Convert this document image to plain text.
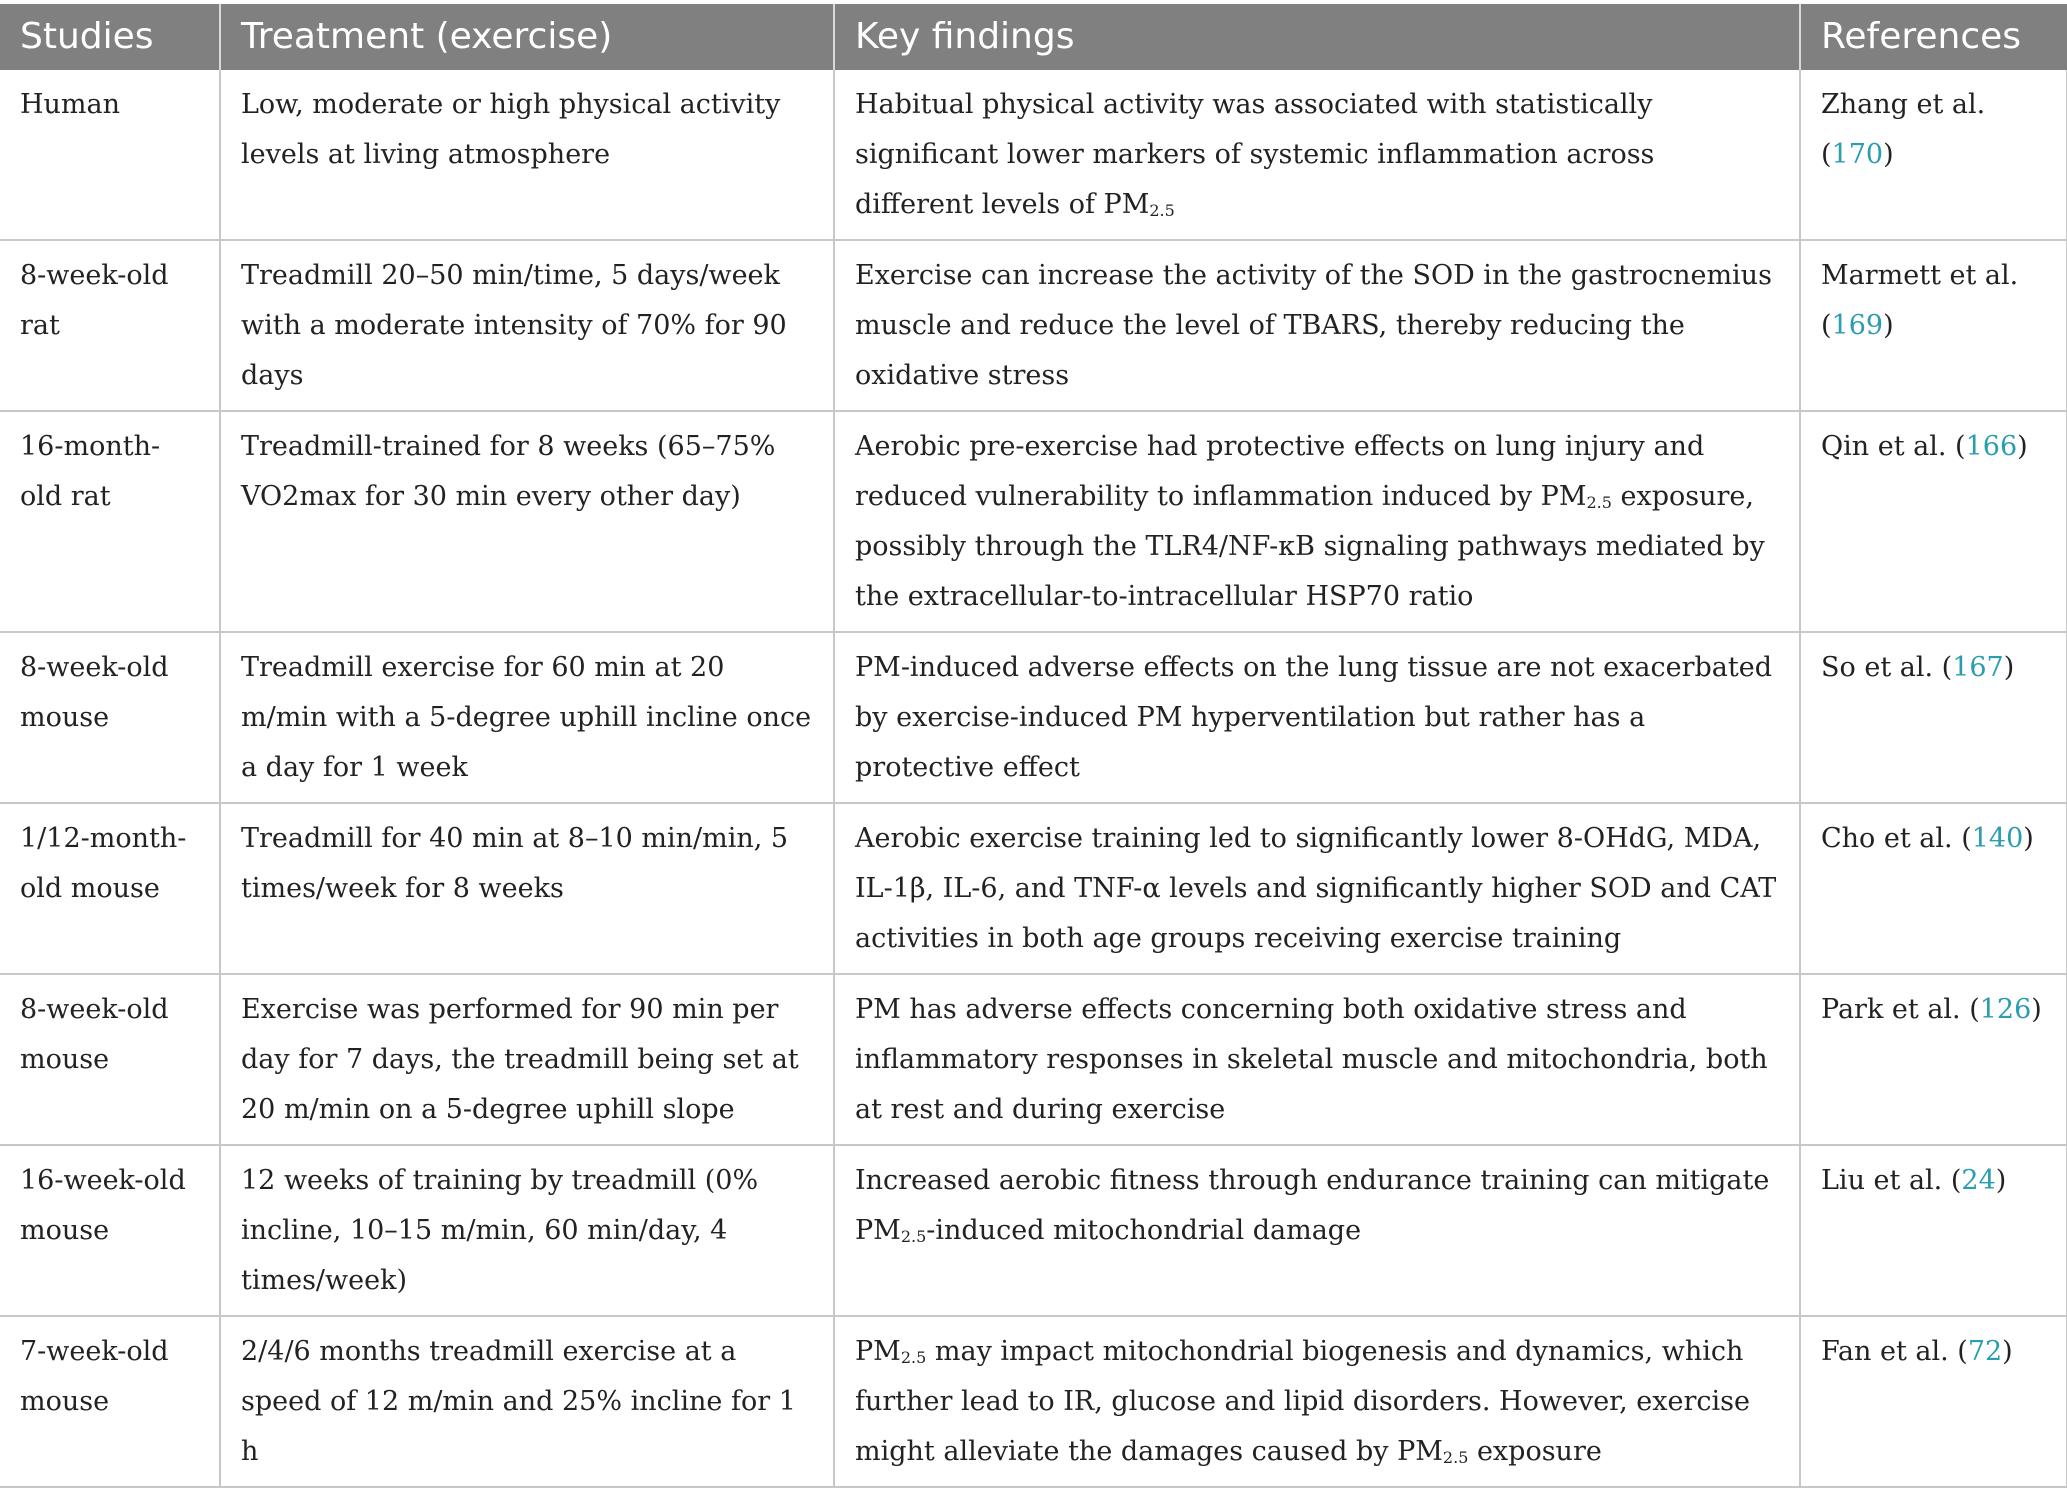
Studies	Treatment (exercise)	Key findings	References
Human	Low, moderate or high physical activity levels at living atmosphere	Habitual physical activity was associated with statistically significant lower markers of systemic inflammation across different levels of $PM_{2.5}$	Zhang et al. (170)
8-week-old rat	Treadmill 20–50 min/time, 5 days/week with a moderate intensity of 70% for 90 days	Exercise can increase the activity of the SOD in the gastrocnemius muscle and reduce the level of TBARS, thereby reducing the oxidative stress	Marmett et al. (169)
16-month-old rat	Treadmill-trained for 8 weeks (65–75% VO2max for 30 min every other day)	Aerobic pre-exercise had protective effects on lung injury and reduced vulnerability to inflammation induced by $PM_{2.5}$ exposure, possibly through the TLR4/NF-κB signaling pathways mediated by the extracellular-to-intracellular HSP70 ratio	Qin et al. (166)
8-week-old mouse	Treadmill exercise for 60 min at 20 m/min with a 5-degree uphill incline once a day for 1 week	PM-induced adverse effects on the lung tissue are not exacerbated by exercise-induced PM hyperventilation but rather has a protective effect	So et al. (167)
1/12-month-old mouse	Treadmill for 40 min at 8–10 min/min, 5 times/week for 8 weeks	Aerobic exercise training led to significantly lower 8-OHdG, MDA, IL-1β, IL-6, and TNF-α levels and significantly higher SOD and CAT activities in both age groups receiving exercise training	Cho et al. (140)
8-week-old mouse	Exercise was performed for 90 min per day for 7 days, the treadmill being set at 20 m/min on a 5-degree uphill slope	PM has adverse effects concerning both oxidative stress and inflammatory responses in skeletal muscle and mitochondria, both at rest and during exercise	Park et al. (126)
16-week-old mouse	12 weeks of training by treadmill (0% incline, 10–15 m/min, 60 min/day, 4 times/week)	Increased aerobic fitness through endurance training can mitigate $PM_{2.5}$-induced mitochondrial damage	Liu et al. (24)
7-week-old mouse	2/4/6 months treadmill exercise at a speed of 12 m/min and 25% incline for 1 h	$PM_{2.5}$ may impact mitochondrial biogenesis and dynamics, which further lead to IR, glucose and lipid disorders. However, exercise might alleviate the damages caused by $PM_{2.5}$ exposure	Fan et al. (72)
